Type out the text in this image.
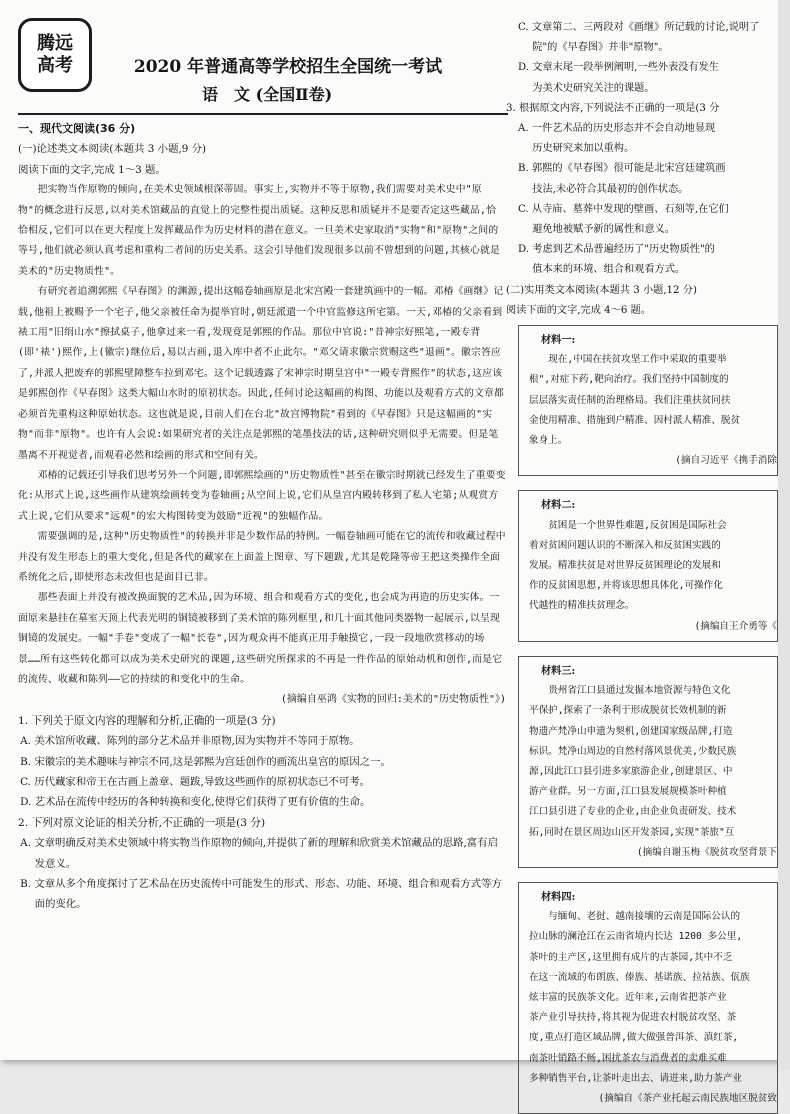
腾远
高考	2020 年普通高等学校招生全国统一考试
语　文 (全国Ⅱ卷)

一、现代文阅读(36 分)

(一)论述类文本阅读(本题共 3 小题,9 分)

阅读下面的文字,完成 1～3 题。

把实物当作原物的倾向,在美术史领域根深蒂固。事实上,实物并不等于原物,我们需要对美术史中"原物"的概念进行反思,以对美术馆藏品的直觉上的完整性提出质疑。这种反思和质疑并不是要否定这些藏品,恰恰相反,它们可以在更大程度上发挥藏品作为历史材料的潜在意义。一旦美术史家取消"实物"和"原物"之间的等号,他们就必须认真考虑和重构二者间的历史关系。这会引导他们发现很多以前不曾想到的问题,其核心就是美术的"历史物质性"。

有研究者追溯郭熙《早春图》的渊源,提出这幅卷轴画原是北宋宫殿一套建筑画中的一幅。邓椿《画继》记载,他祖上被赐予一个宅子,他父亲被任命为提举官时,朝廷派遣一个中官监修这所宅第。一天,邓椿的父亲看到裱工用"旧绢山水"擦拭桌子,他拿过来一看,发现竟是郭熙的作品。那位中官说:"昔神宗好熙笔,一殿专背(即'裱')熙作,上(徽宗)继位后,易以古画,退入库中者不止此尔。"邓父请求徽宗赏赐这些"退画"。徽宗答应了,并派人把废弃的郭熙壁障整车拉到邓宅。这个记载透露了宋神宗时期皇宫中"一殿专背熙作"的状态,这应该是郭熙创作《早春图》这类大幅山水时的原初状态。因此,任何讨论这幅画的构图、功能以及观看方式的文章都必须首先重构这种原始状态。这也就是说,目前人们在台北"故宫博物院"看到的《早春图》只是这幅画的"实物"而非"原物"。也许有人会说:如果研究者的关注点是郭熙的笔墨技法的话,这种研究则似乎无需要。但是笔墨离不开视觉者,而观看必然和绘画的形式和空间有关。

邓椿的记载还引导我们思考另外一个问题,即郭熙绘画的"历史物质性"甚至在徽宗时期就已经发生了重要变化:从形式上说,这些画作从建筑绘画转变为卷轴画;从空间上说,它们从皇宫内殿转移到了私人宅第;从观赏方式上说,它们从要求"远观"的宏大构图转变为鼓励"近视"的独幅作品。

需要强调的是,这种"历史物质性"的转换并非是少数作品的特例。一幅卷轴画可能在它的流传和收藏过程中并没有发生形态上的重大变化,但是各代的藏家在上面盖上图章、写下题跋,尤其是乾隆等帝王把这类操作全面系统化之后,即使形态未改但也是面目已非。

那些表面上并没有被改换面貌的艺术品,因为环境、组合和观看方式的变化,也会成为再造的历史实体。一面原来悬挂在墓室天顶上代表光明的铜镜被移到了美术馆的陈列框里,和几十面其他同类器物一起展示,以呈现铜镜的发展史。一幅"手卷"变成了一幅"长卷",因为观众再不能真正用手触摸它,一段一段地欣赏移动的场景……所有这些转化都可以成为美术史研究的课题,这些研究所探求的不再是一件作品的原始动机和创作,而是它的流传、收藏和陈列——它的持续的和变化中的生命。

(摘编自巫鸿《实物的回归:美术的"历史物质性"》)

1. 下列关于原文内容的理解和分析,正确的一项是(3 分)

A. 美术馆所收藏、陈列的部分艺术品并非原物,因为实物并不等同于原物。

B. 宋徽宗的美术趣味与神宗不同,这是郭熙为宫廷创作的画流出皇宫的原因之一。

C. 历代藏家和帝王在古画上盖章、题跋,导致这些画作的原初状态已不可考。

D. 艺术品在流传中经历的各种转换和变化,使得它们获得了更有价值的生命。

2. 下列对原文论证的相关分析,不正确的一项是(3 分)

A. 文章明确反对美术史领域中将实物当作原物的倾向,并提供了新的理解和欣赏美术馆藏品的思路,富有启发意义。

B. 文章从多个角度探讨了艺术品在历史流传中可能发生的形式、形态、功能、环境、组合和观看方式等方面的变化。

C. 文章第二、三两段对《画继》所记载的讨论,说明了

院"的《早春图》并非"原物"。

D. 文章末尾一段举例阐明,一些外表没有发生

为美术史研究关注的课题。

3. 根据原文内容,下列说法不正确的一项是(3 分

A. 一件艺术品的历史形态并不会自动地显现

历史研究来加以重构。

B. 郭熙的《早春图》很可能是北宋宫廷建筑画

技法,未必符合其最初的创作状态。

C. 从寺庙、墓葬中发现的壁画、石刻等,在它们

避免地被赋予新的属性和意义。

D. 考虑到艺术品普遍经历了"历史物质性"的

值本来的环境、组合和观看方式。

(二)实用类文本阅读(本题共 3 小题,12 分)

阅读下面的文字,完成 4～6 题。

材料一:

现在,中国在扶贫攻坚工作中采取的重要举

根",对症下药,靶向治疗。我们坚持中国制度的

层层落实责任制的治理格局。我们注重扶贫同扶

金使用精准、措施到户精准、因村派人精准、脱贫

象身上。

(摘自习近平《携手消除

材料二:

贫困是一个世界性难题,反贫困是国际社会

着对贫困问题认识的不断深入和反贫困实践的

发展。精准扶贫是对世界反贫困理论的发展和

作的反贫困思想,并将该思想具体化,可操作化

代越性的精准扶贫理念。

(摘编自王介勇等《

材料三:

贵州省江口县通过发掘本地资源与特色文化

平保护,探索了一条利于形成脱贫长效机制的新

物遗产梵净山申遗为契机,创建国家级品牌,打造

标识。梵净山周边的自然村落风景优美,少数民族

源,因此江口县引进多家旅游企业,创建景区、中

游产业群。另一方面,江口县发展规模茶叶种植

江口县引进了专业的企业,由企业负责研发、技术

拓,同时在景区周边山区开发茶园,实现"茶旅"互

(摘编自谢玉梅《脱贫攻坚背景下

材料四:

与缅甸、老挝、越南接壤的云南是国际公认的

拉山脉的澜沧江在云南省境内长达 1200 多公里,

茶叶的主产区,这里拥有成片的古茶园,其中不乏

在这一流域的布朗族、傣族、基诺族、拉祜族、佤族

炫丰富的民族茶文化。近年来,云南省把茶产业

茶产业引导扶持,将其视为促进农村脱贫攻坚、茶

度,重点打造区域品牌,做大做强普洱茶、滇红茶,

南茶叶销路不畅,困扰茶农与消费者的卖难买难

多种销售平台,让茶叶走出去、请进来,助力茶产业

(摘编自《茶产业托起云南民族地区脱贫致
